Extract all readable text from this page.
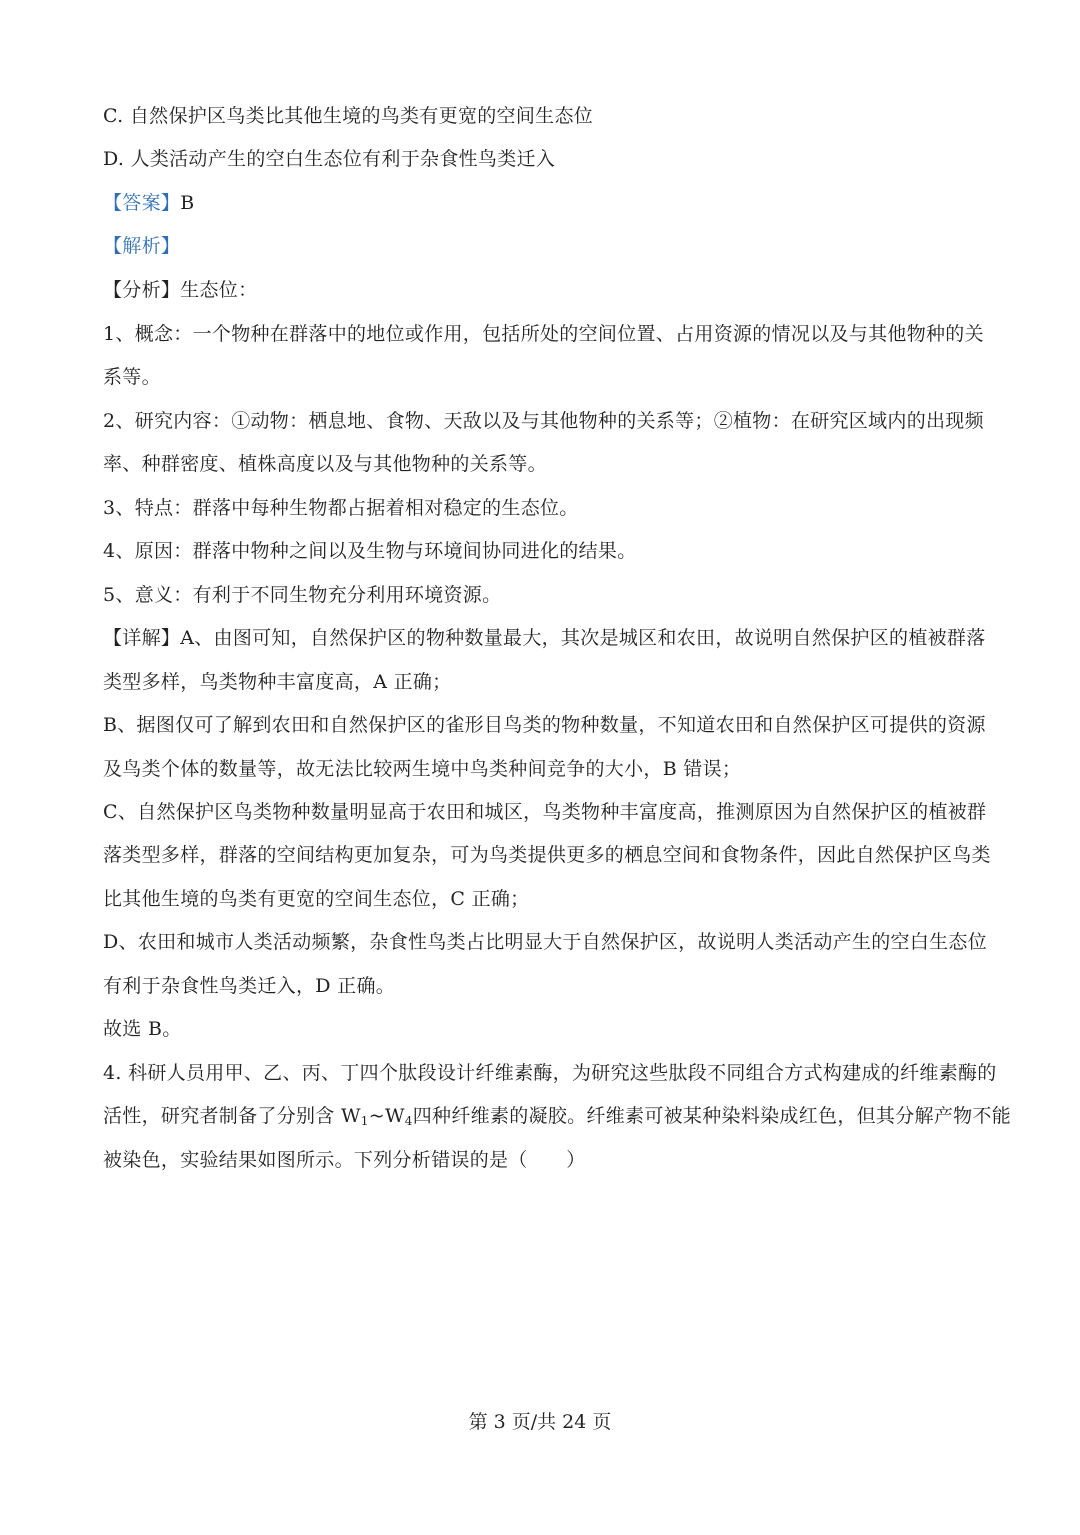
C. 自然保护区鸟类比其他生境的鸟类有更宽的空间生态位
D. 人类活动产生的空白生态位有利于杂食性鸟类迁入
【答案】B
【解析】
【分析】生态位：
1、概念：一个物种在群落中的地位或作用，包括所处的空间位置、占用资源的情况以及与其他物种的关
系等。
2、研究内容：①动物：栖息地、食物、天敌以及与其他物种的关系等；②植物：在研究区域内的出现频
率、种群密度、植株高度以及与其他物种的关系等。
3、特点：群落中每种生物都占据着相对稳定的生态位。
4、原因：群落中物种之间以及生物与环境间协同进化的结果。
5、意义：有利于不同生物充分利用环境资源。
【详解】A、由图可知，自然保护区的物种数量最大，其次是城区和农田，故说明自然保护区的植被群落
类型多样，鸟类物种丰富度高，A 正确；
B、据图仅可了解到农田和自然保护区的雀形目鸟类的物种数量，不知道农田和自然保护区可提供的资源
及鸟类个体的数量等，故无法比较两生境中鸟类种间竞争的大小，B 错误；
C、自然保护区鸟类物种数量明显高于农田和城区，鸟类物种丰富度高，推测原因为自然保护区的植被群
落类型多样，群落的空间结构更加复杂，可为鸟类提供更多的栖息空间和食物条件，因此自然保护区鸟类
比其他生境的鸟类有更宽的空间生态位，C 正确；
D、农田和城市人类活动频繁，杂食性鸟类占比明显大于自然保护区，故说明人类活动产生的空白生态位
有利于杂食性鸟类迁入，D 正确。
故选 B。
4. 科研人员用甲、乙、丙、丁四个肽段设计纤维素酶，为研究这些肽段不同组合方式构建成的纤维素酶的
活性，研究者制备了分别含 $W_1\sim W_4$四种纤维素的凝胶。纤维素可被某种染料染成红色，但其分解产物不能
被染色，实验结果如图所示。下列分析错误的是（　　）
第 3 页/共 24 页
